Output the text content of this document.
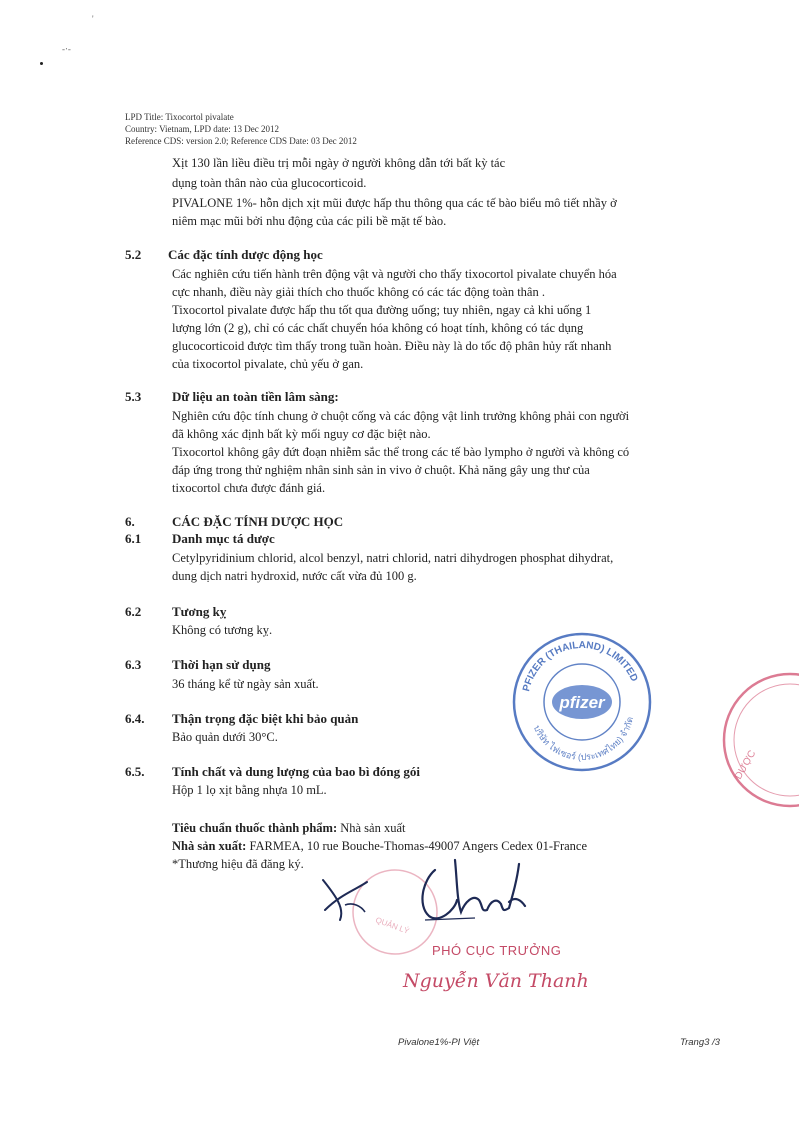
'
-‧‑
LPD Title: Tixocortol pivalate
Country: Vietnam, LPD date: 13 Dec 2012
Reference CDS: version 2.0; Reference CDS Date: 03 Dec 2012
Xịt 130 lần liều điều trị mỗi ngày ở người không dẫn tới bất kỳ tác
dụng toàn thân nào của glucocorticoid.
PIVALONE 1%- hỗn dịch xịt mũi được hấp thu thông qua các tế bào biểu mô tiết nhầy ở
niêm mạc mũi bởi nhu động của các pili bề mặt tế bào.
5.2 Các đặc tính dược động học
Các nghiên cứu tiến hành trên động vật và người cho thấy tixocortol pivalate chuyển hóa
cực nhanh, điều này giải thích cho thuốc không có các tác động toàn thân .
Tixocortol pivalate được hấp thu tốt qua đường uống; tuy nhiên, ngay cả khi uống 1
lượng lớn (2 g), chỉ có các chất chuyển hóa không có hoạt tính, không có tác dụng
glucocorticoid được tìm thấy trong tuần hoàn. Điều này là do tốc độ phân hủy rất nhanh
của tixocortol pivalate, chủ yếu ở gan.
5.3 Dữ liệu an toàn tiền lâm sàng:
Nghiên cứu độc tính chung ở chuột cống và các động vật linh trưởng không phải con người
đã không xác định bất kỳ mối nguy cơ đặc biệt nào.
Tixocortol không gây đứt đoạn nhiễm sắc thể trong các tế bào lympho ở người và không có
đáp ứng trong thử nghiệm nhân sinh sản in vivo ở chuột. Khả năng gây ung thư của
tixocortol chưa được đánh giá.
6.	CÁC ĐẶC TÍNH DƯỢC HỌC
6.1 Danh mục tá dược
Cetylpyridinium chlorid, alcol benzyl, natri chlorid, natri dihydrogen phosphat dihydrat,
dung dịch natri hydroxid, nước cất vừa đủ 100 g.
6.2 Tương kỵ
Không có tương kỵ.
6.3 Thời hạn sử dụng
36 tháng kể từ ngày sản xuất.
6.4. Thận trọng đặc biệt khi bảo quản
Bảo quản dưới 30°C.
6.5. Tính chất và dung lượng của bao bì đóng gói
Hộp 1 lọ xịt bằng nhựa 10 mL.
Tiêu chuẩn thuốc thành phẩm: Nhà sản xuất
Nhà sản xuất: FARMEA, 10 rue Bouche-Thomas-49007 Angers Cedex 01-France
*Thương hiệu đã đăng ký.
PFIZER (THAILAND) LIMITED
บริษัท ไฟเซอร์ (ประเทศไทย) จำกัด
pfizer
DƯỢC
QUẢN LÝ
PHÓ CỤC TRƯỞNG
Nguyễn Văn Thanh
Pivalone1%-PI Việt	Trang3 /3
